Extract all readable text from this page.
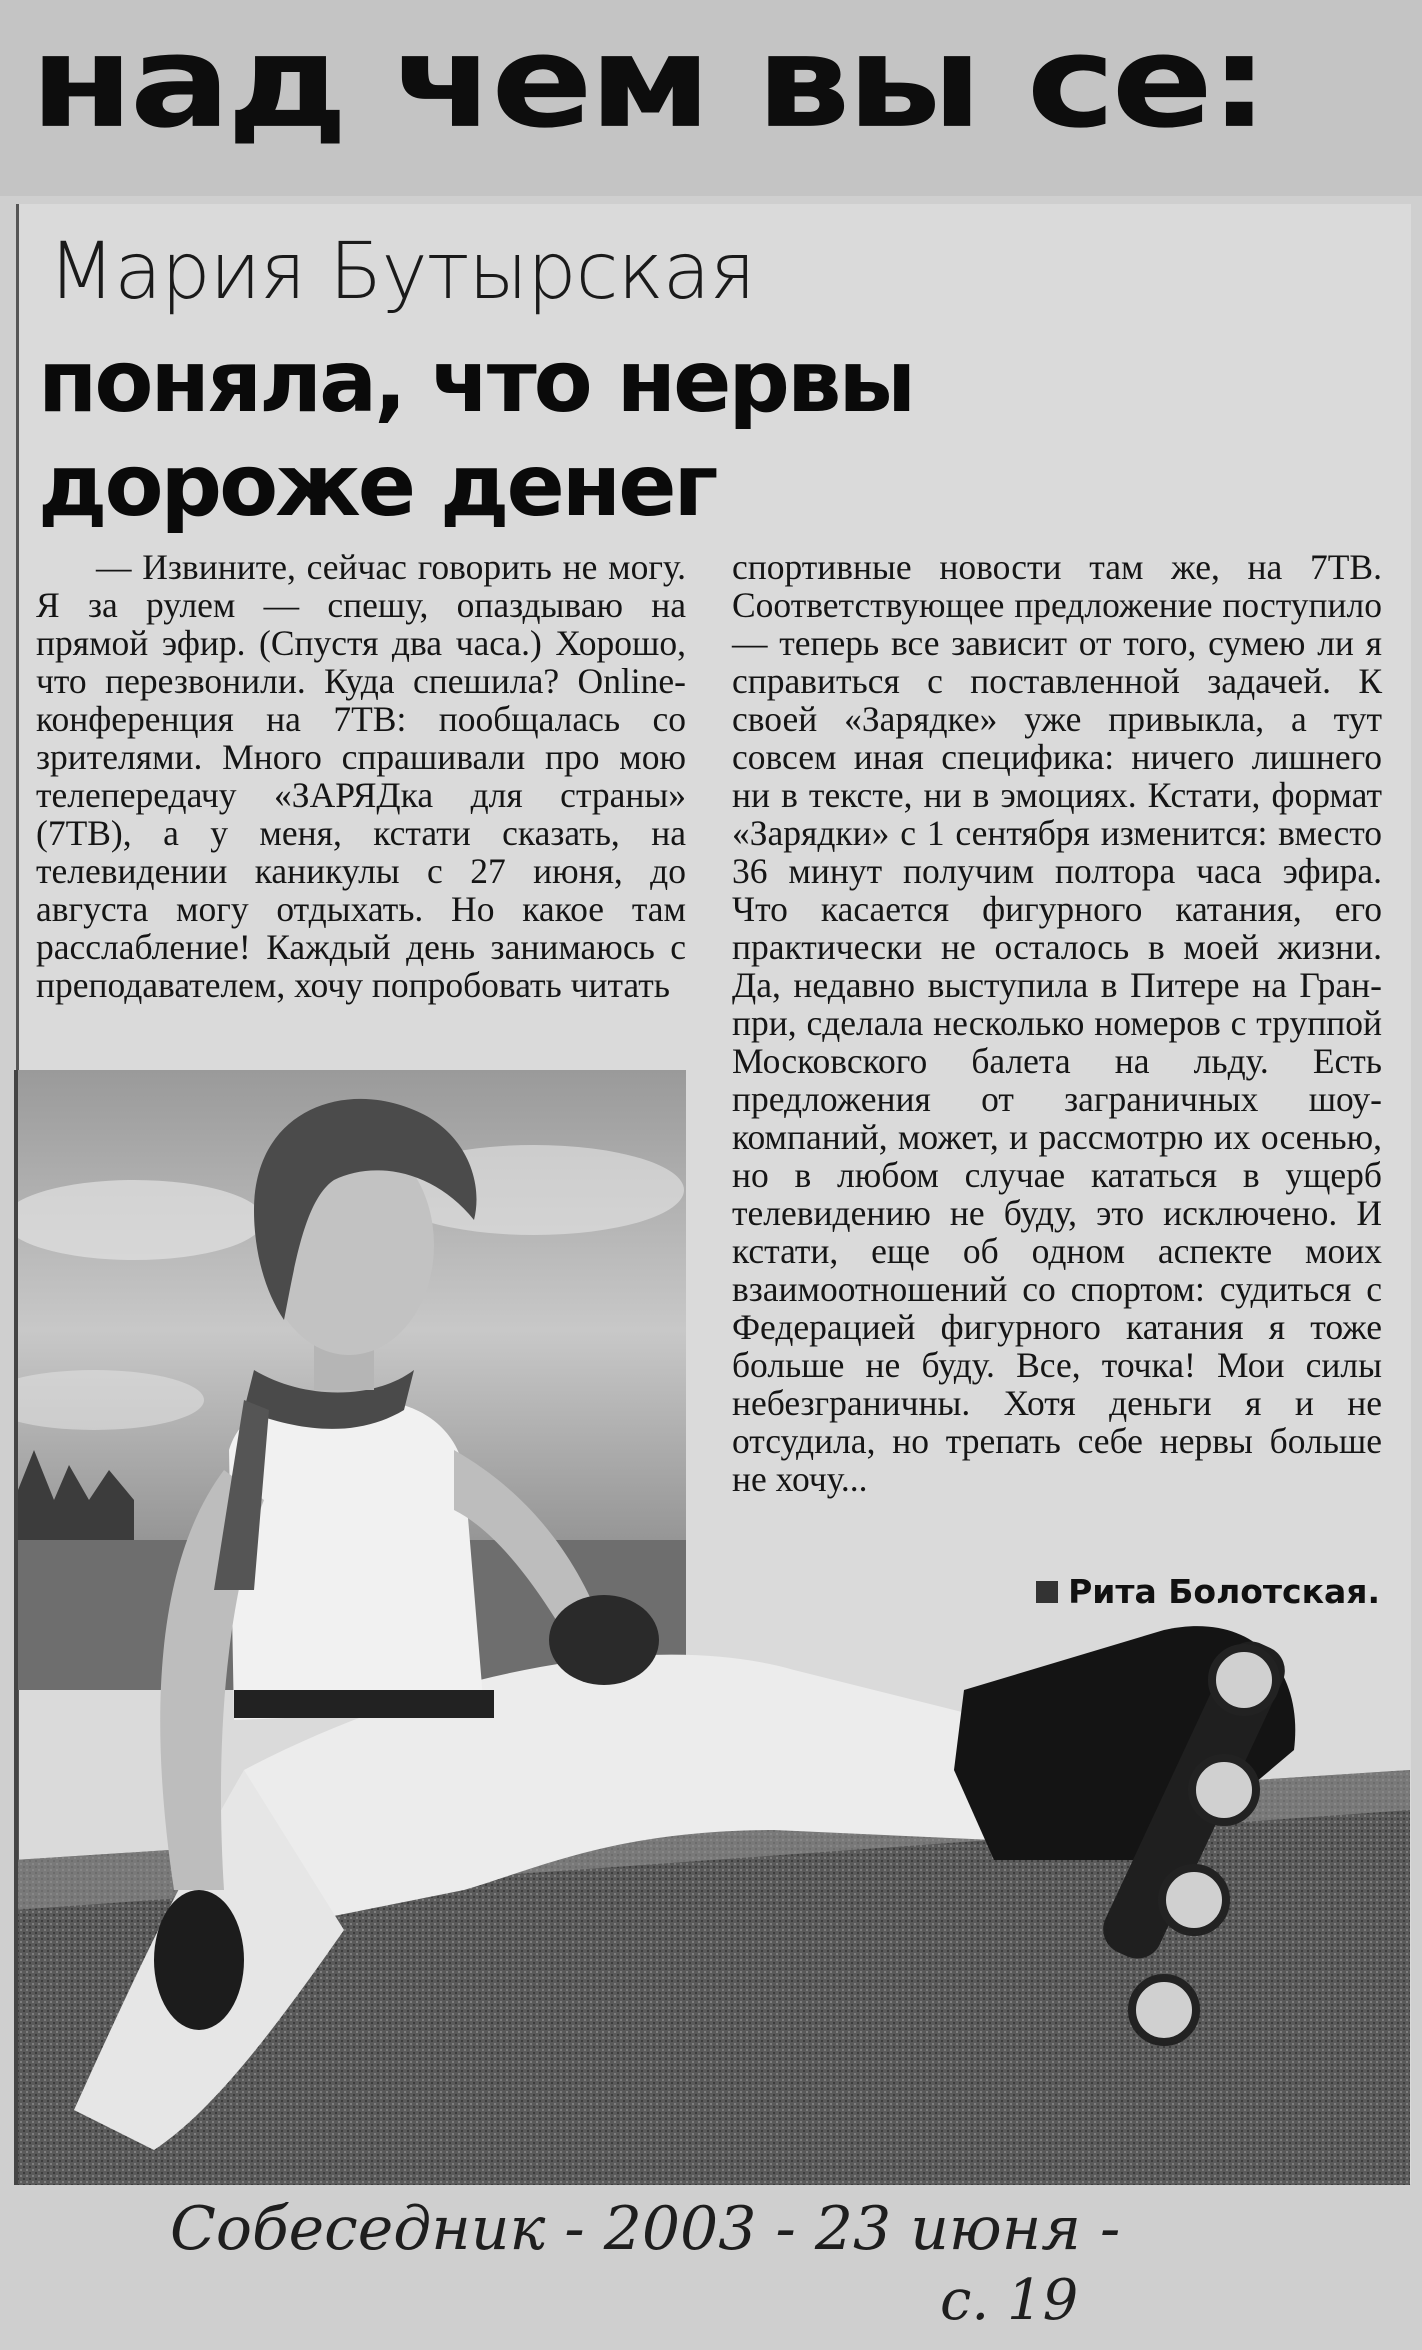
над чем вы се:
Мария Бутырская
поняла, что нервы дороже денег

— Извините, сейчас говорить не могу. Я за рулем — спешу, опаздываю на прямой эфир. (Спустя два часа.) Хорошо, что перезвонили. Куда спешила? Online-конференция на 7ТВ: пообщалась со зрителями. Много спрашивали про мою телепередачу «ЗАРЯДка для страны» (7ТВ), а у меня, кстати сказать, на телевидении каникулы с 27 июня, до августа могу отдыхать. Но какое там расслабление! Каждый день занимаюсь с преподавателем, хочу попробовать читать

спортивные новости там же, на 7ТВ. Соответствующее предложение поступило — теперь все зависит от того, сумею ли я справиться с поставленной задачей. К своей «Зарядке» уже привыкла, а тут совсем иная специфика: ничего лишнего ни в тексте, ни в эмоциях. Кстати, формат «Зарядки» с 1 сентября изменится: вместо 36 минут получим полтора часа эфира. Что касается фигурного катания, его практически не осталось в моей жизни. Да, недавно выступила в Питере на Гран-при, сделала несколько номеров с труппой Московского балета на льду. Есть предложения от заграничных шоу-компаний, может, и рассмотрю их осенью, но в любом случае кататься в ущерб телевидению не буду, это исключено. И кстати, еще об одном аспекте моих взаимоотношений со спортом: судиться с Федерацией фигурного катания я тоже больше не буду. Все, точка! Мои силы небезграничны. Хотя деньги я и не отсудила, но трепать себе нервы больше не хочу...

Рита Болотская.

Собеседник - 2003 - 23 июня -

с. 19
